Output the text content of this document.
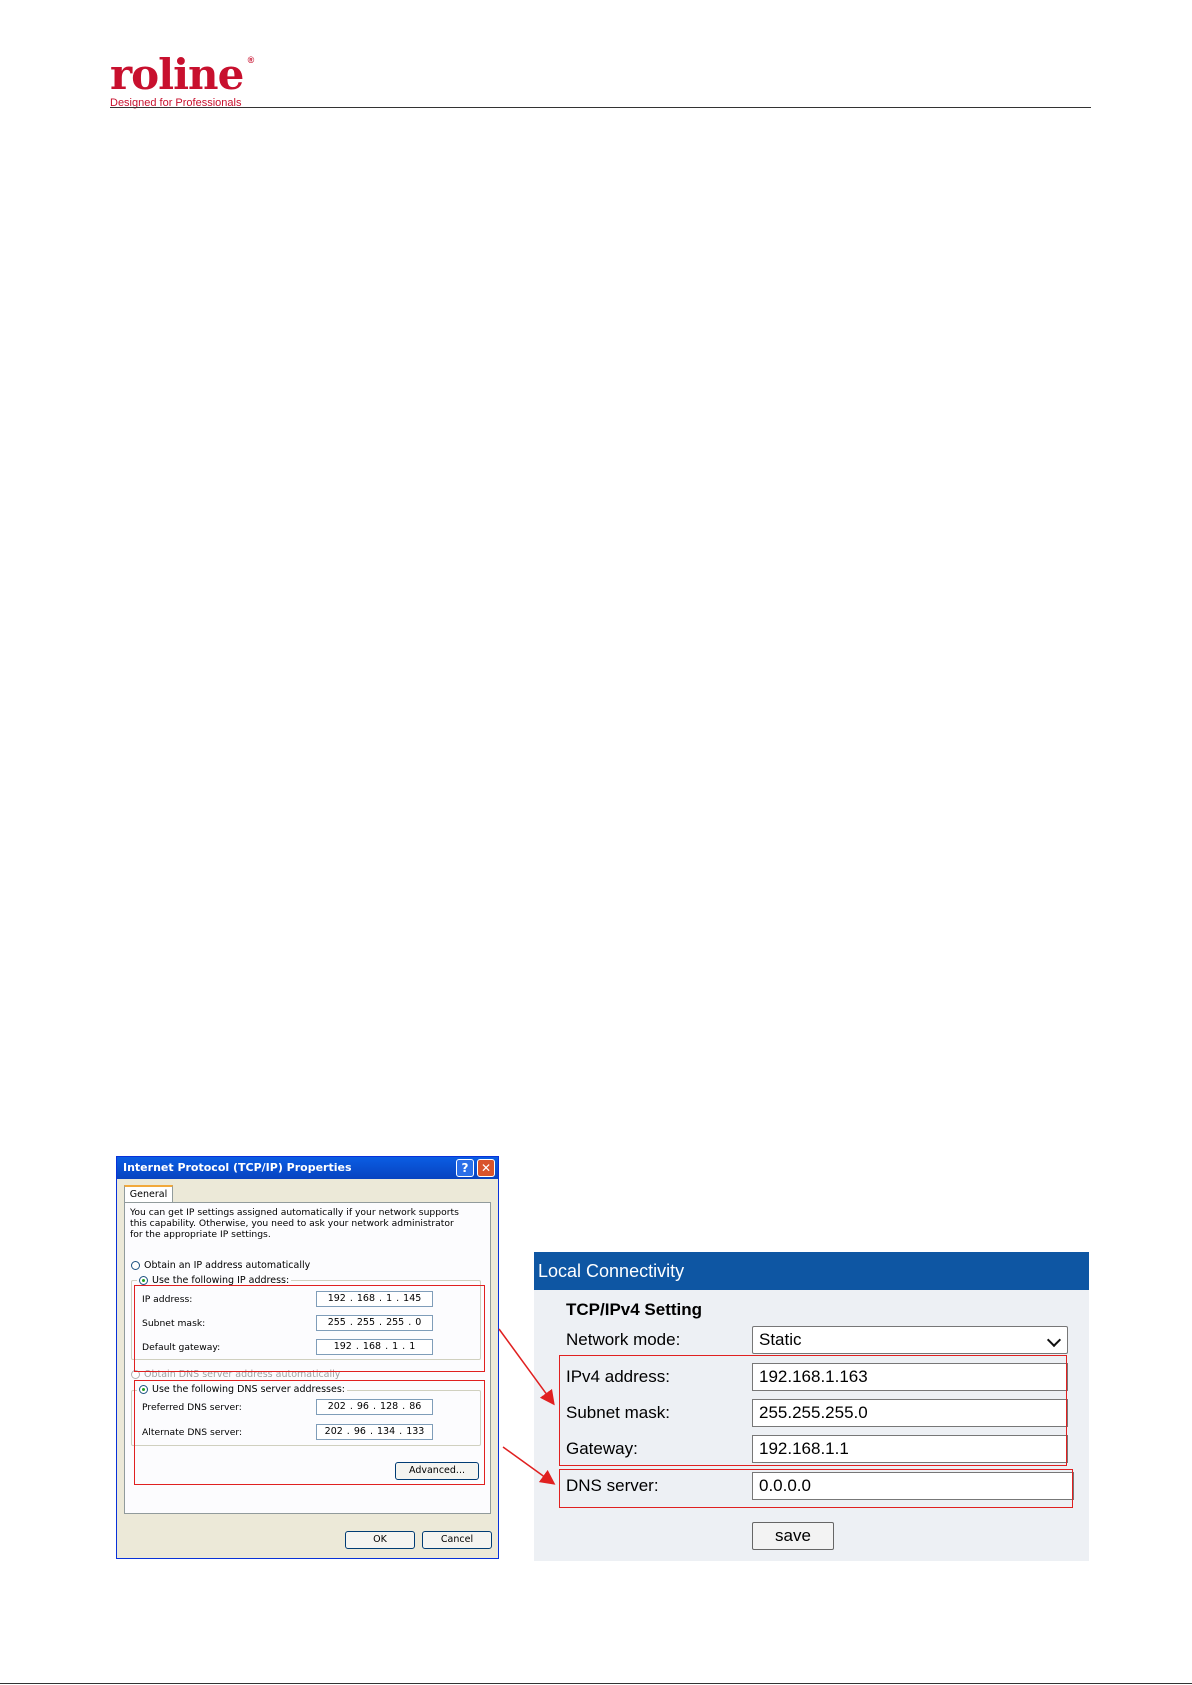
roline ®
Designed for Professionals
Internet Protocol (TCP/IP) Properties	?	✕
General
You can get IP settings assigned automatically if your network supports this capability. Otherwise, you need to ask your network administrator for the appropriate IP settings.
Obtain an IP address automatically
Use the following IP address:
IP address:	192 . 168 . 1 . 145
Subnet mask:	255 . 255 . 255 . 0
Default gateway:	192 . 168 . 1 . 1
Obtain DNS server address automatically
Use the following DNS server addresses:
Preferred DNS server:	202 . 96 . 128 . 86
Alternate DNS server:	202 . 96 . 134 . 133
Advanced...
OK	Cancel
Local Connectivity
TCP/IPv4 Setting
Network mode:	Static
IPv4 address:	192.168.1.163
Subnet mask:	255.255.255.0
Gateway:	192.168.1.1
DNS server:	0.0.0.0
save
